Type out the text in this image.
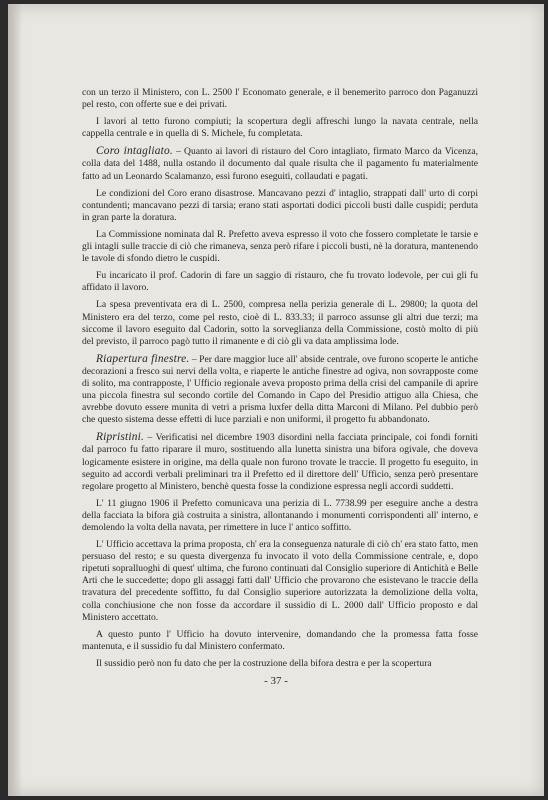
con un terzo il Ministero, con L. 2500 l' Economato generale, e il benemerito parroco don Paganuzzi pel resto, con offerte sue e dei privati.

I lavori al tetto furono compiuti; la scopertura degli affreschi lungo la navata centrale, nella cappella centrale e in quella di S. Michele, fu completata.

Coro intagliato. – Quanto ai lavori di ristauro del Coro intagliato, firmato Marco da Vicenza, colla data del 1488, nulla ostando il documento dal quale risulta che il pagamento fu materialmente fatto ad un Leonardo Scalamanzo, essi furono eseguiti, collaudati e pagati.

Le condizioni del Coro erano disastrose. Mancavano pezzi d' intaglio, strappati dall' urto di corpi contundenti; mancavano pezzi di tarsia; erano stati asportati dodici piccoli busti dalle cuspidi; perduta in gran parte la doratura.

La Commissione nominata dal R. Prefetto aveva espresso il voto che fossero completate le tarsie e gli intagli sulle traccie di ciò che rimaneva, senza però rifare i piccoli busti, nè la doratura, mantenendo le tavole di sfondo dietro le cuspidi.

Fu incaricato il prof. Cadorin di fare un saggio di ristauro, che fu trovato lodevole, per cui gli fu affidato il lavoro.

La spesa preventivata era di L. 2500, compresa nella perizia generale di L. 29800; la quota del Ministero era del terzo, come pel resto, cioè di L. 833.33; il parroco assunse gli altri due terzi; ma siccome il lavoro eseguito dal Cadorin, sotto la sorveglianza della Commissione, costò molto di più del previsto, il parroco pagò tutto il rimanente e di ciò gli va data amplissima lode.

Riapertura finestre. – Per dare maggior luce all' abside centrale, ove furono scoperte le antiche decorazioni a fresco sui nervi della volta, e riaperte le antiche finestre ad ogiva, non sovrapposte come di solito, ma contrapposte, l' Ufficio regionale aveva proposto prima della crisi del campanile di aprire una piccola finestra sul secondo cortile del Comando in Capo del Presidio attiguo alla Chiesa, che avrebbe dovuto essere munita di vetri a prisma luxfer della ditta Marconi di Milano. Pel dubbio però che questo sistema desse effetti di luce parziali e non uniformi, il progetto fu abbandonato.

Ripristini. – Verificatisi nel dicembre 1903 disordini nella facciata principale, coi fondi forniti dal parroco fu fatto riparare il muro, sostituendo alla lunetta sinistra una bifora ogivale, che doveva logicamente esistere in origine, ma della quale non furono trovate le traccie. Il progetto fu eseguito, in seguito ad accordi verbali preliminari tra il Prefetto ed il direttore dell' Ufficio, senza però presentare regolare progetto al Ministero, benchè questa fosse la condizione espressa negli accordi suddetti.

L' 11 giugno 1906 il Prefetto comunicava una perizia di L. 7738.99 per eseguire anche a destra della facciata la bifora già costruita a sinistra, allontanando i monumenti corrispondenti all' interno, e demolendo la volta della navata, per rimettere in luce l' antico soffitto.

L' Ufficio accettava la prima proposta, ch' era la conseguenza naturale di ciò ch' era stato fatto, men persuaso del resto; e su questa divergenza fu invocato il voto della Commissione centrale, e, dopo ripetuti sopralluoghi di quest' ultima, che furono continuati dal Consiglio superiore di Antichità e Belle Arti che le succedette; dopo gli assaggi fatti dall' Ufficio che provarono che esistevano le traccie della travatura del precedente soffitto, fu dal Consiglio superiore autorizzata la demolizione della volta, colla conchiusione che non fosse da accordare il sussidio di L. 2000 dall' Ufficio proposto e dal Ministero accettato.

A questo punto l' Ufficio ha dovuto intervenire, domandando che la promessa fatta fosse mantenuta, e il sussidio fu dal Ministero confermato.

Il sussidio però non fu dato che per la costruzione della bifora destra e per la scopertura

- 37 -
